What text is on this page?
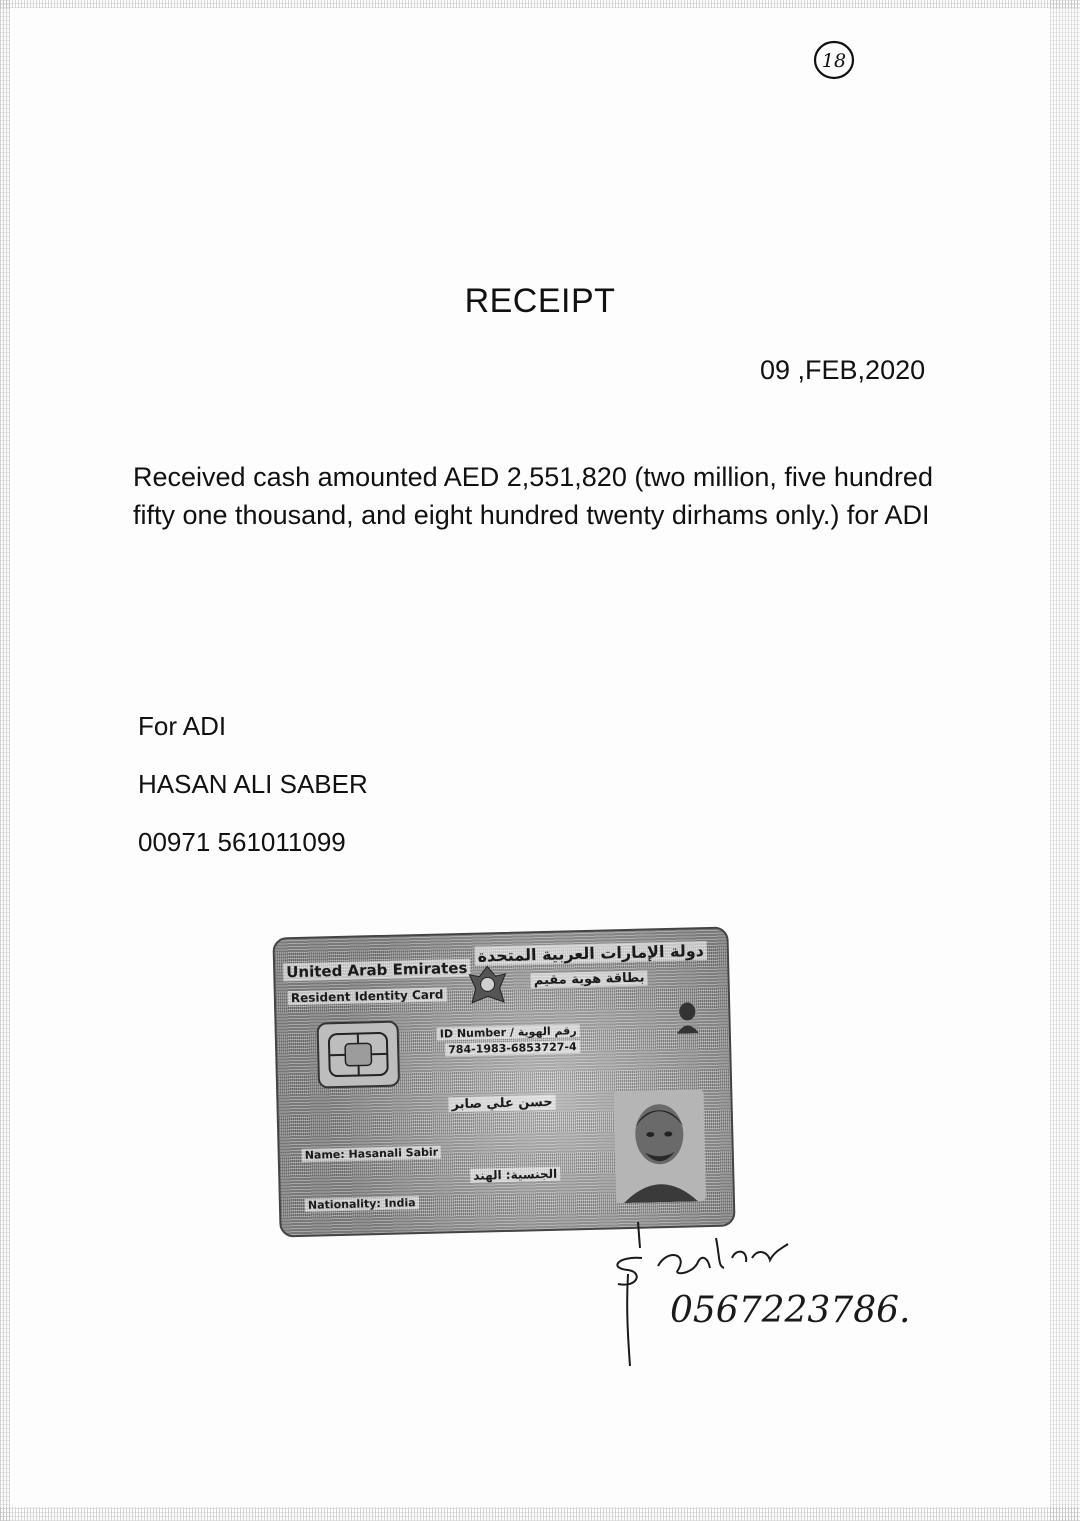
18
RECEIPT
09 ,FEB,2020
Received cash amounted AED 2,551,820 (two million, five hundred fifty one thousand, and eight hundred twenty dirhams only.) for ADI
For ADI
HASAN ALI SABER
00971 561011099
United Arab Emirates
Resident Identity Card
دولة الإمارات العربية المتحدة
بطاقة هوية مقيم
ID Number / رقم الهوية
784-1983-6853727-4
حسن علي صابر
Name: Hasanali Sabir
الجنسية: الهند
Nationality: India
0567223786.
